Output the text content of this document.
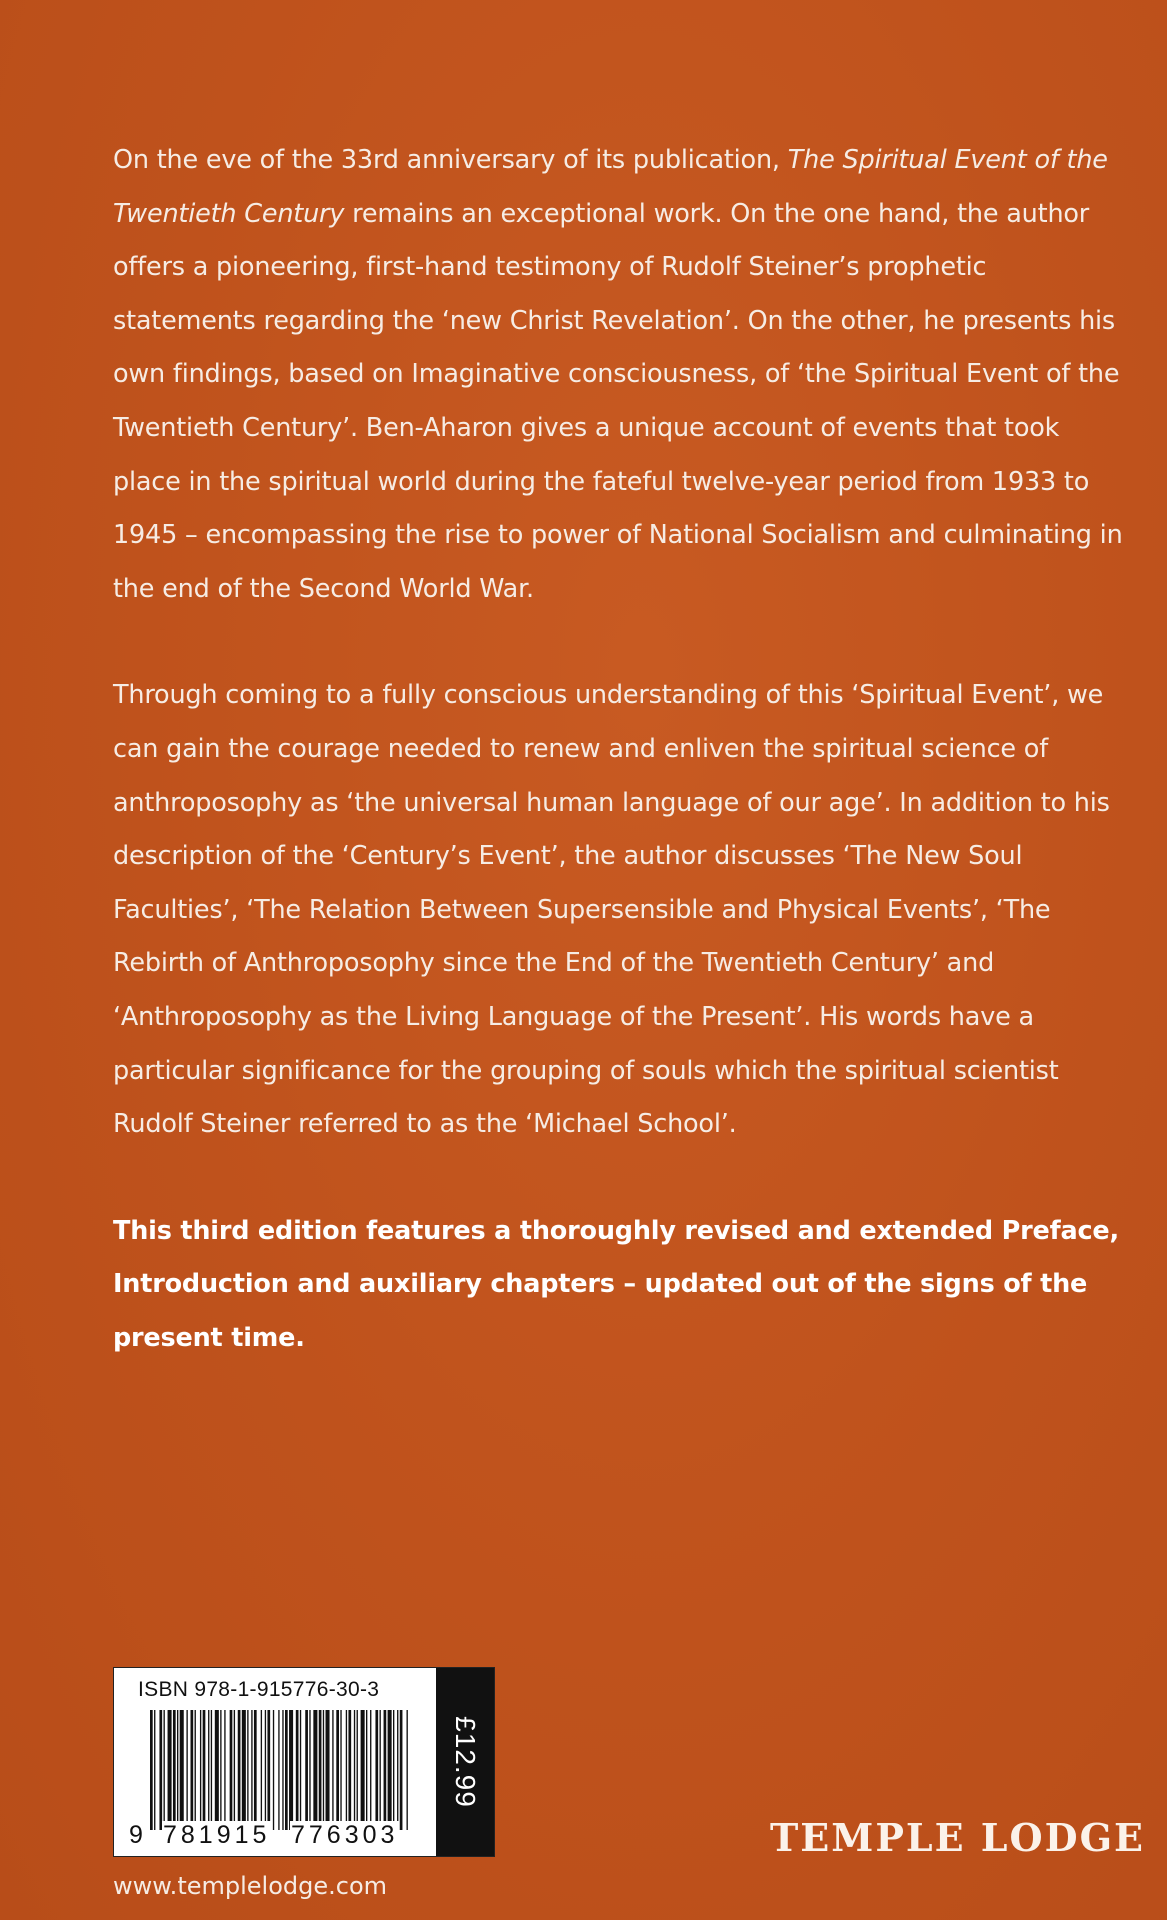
On the eve of the 33rd anniversary of its publication, The Spiritual Event of the Twentieth Century remains an exceptional work. On the one hand, the author offers a pioneering, first-hand testimony of Rudolf Steiner’s prophetic statements regarding the ‘new Christ Revelation’. On the other, he presents his own findings, based on Imaginative consciousness, of ‘the Spiritual Event of the Twentieth Century’. Ben-Aharon gives a unique account of events that took place in the spiritual world during the fateful twelve-year period from 1933 to 1945 – encompassing the rise to power of National Socialism and culminating in the end of the Second World War.

Through coming to a fully conscious understanding of this ‘Spiritual Event’, we can gain the courage needed to renew and enliven the spiritual science of anthroposophy as ‘the universal human language of our age’. In addition to his description of the ‘Century’s Event’, the author discusses ‘The New Soul Faculties’, ‘The Relation Between Supersensible and Physical Events’, ‘The Rebirth of Anthroposophy since the End of the Twentieth Century’ and ‘Anthroposophy as the Living Language of the Present’. His words have a particular significance for the grouping of souls which the spiritual scientist Rudolf Steiner referred to as the ‘Michael School’.

This third edition features a thoroughly revised and extended Preface, Introduction and auxiliary chapters – updated out of the signs of the present time.

ISBN 978-1-915776-30-3
9 781915 776303
£12.99
www.templelodge.com
TEMPLE LODGE
